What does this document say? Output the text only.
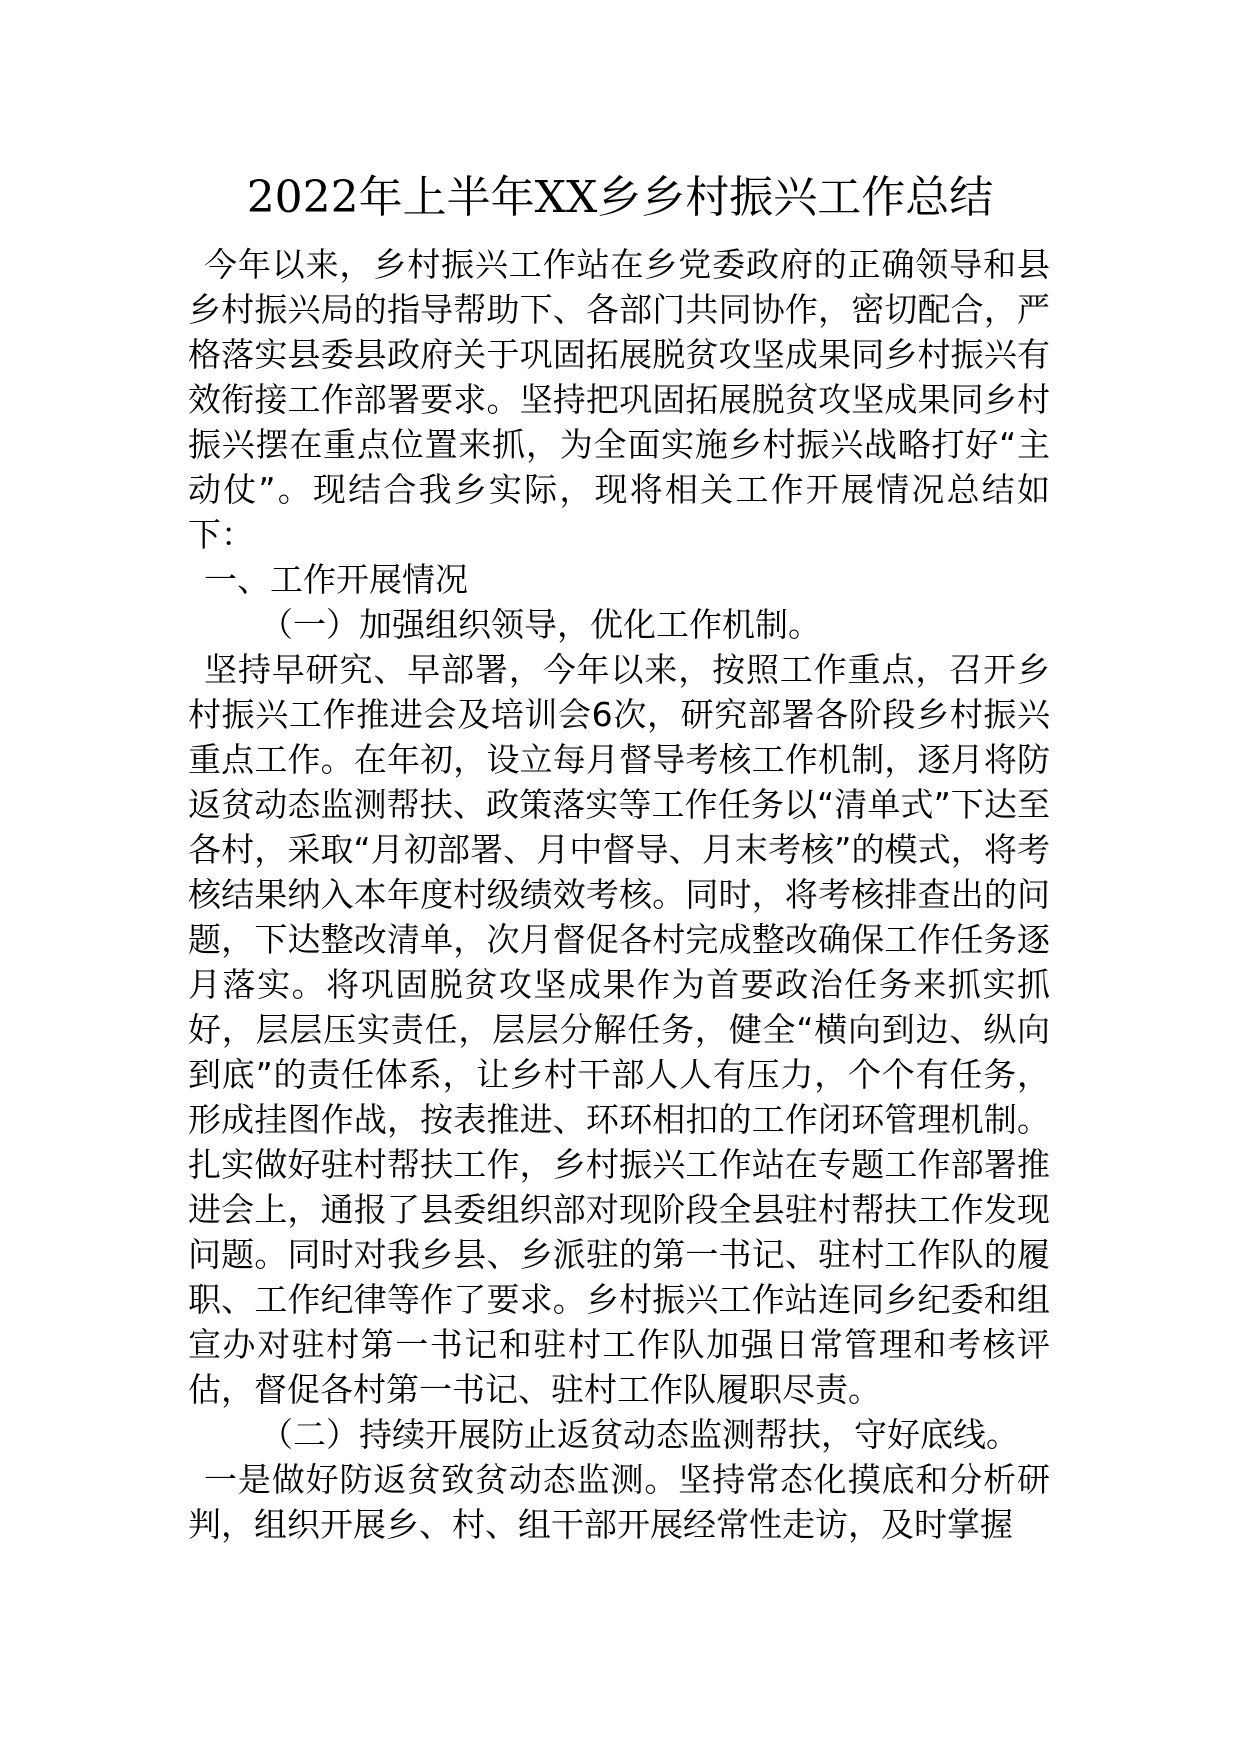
2022年上半年XX乡乡村振兴工作总结

今年以来，乡村振兴工作站在乡党委政府的正确领导和县乡村振兴局的指导帮助下、各部门共同协作，密切配合，严格落实县委县政府关于巩固拓展脱贫攻坚成果同乡村振兴有效衔接工作部署要求。坚持把巩固拓展脱贫攻坚成果同乡村振兴摆在重点位置来抓，为全面实施乡村振兴战略打好“主动仗”。现结合我乡实际，现将相关工作开展情况总结如下：

一、工作开展情况

（一）加强组织领导，优化工作机制。

坚持早研究、早部署，今年以来，按照工作重点，召开乡村振兴工作推进会及培训会6次，研究部署各阶段乡村振兴重点工作。在年初，设立每月督导考核工作机制，逐月将防返贫动态监测帮扶、政策落实等工作任务以“清单式”下达至各村，采取“月初部署、月中督导、月末考核”的模式，将考核结果纳入本年度村级绩效考核。同时，将考核排查出的问题，下达整改清单，次月督促各村完成整改确保工作任务逐月落实。将巩固脱贫攻坚成果作为首要政治任务来抓实抓好，层层压实责任，层层分解任务，健全“横向到边、纵向到底”的责任体系，让乡村干部人人有压力，个个有任务，形成挂图作战，按表推进、环环相扣的工作闭环管理机制。扎实做好驻村帮扶工作，乡村振兴工作站在专题工作部署推进会上，通报了县委组织部对现阶段全县驻村帮扶工作发现问题。同时对我乡县、乡派驻的第一书记、驻村工作队的履职、工作纪律等作了要求。乡村振兴工作站连同乡纪委和组宣办对驻村第一书记和驻村工作队加强日常管理和考核评估，督促各村第一书记、驻村工作队履职尽责。

（二）持续开展防止返贫动态监测帮扶，守好底线。

一是做好防返贫致贫动态监测。坚持常态化摸底和分析研判，组织开展乡、村、组干部开展经常性走访，及时掌握
